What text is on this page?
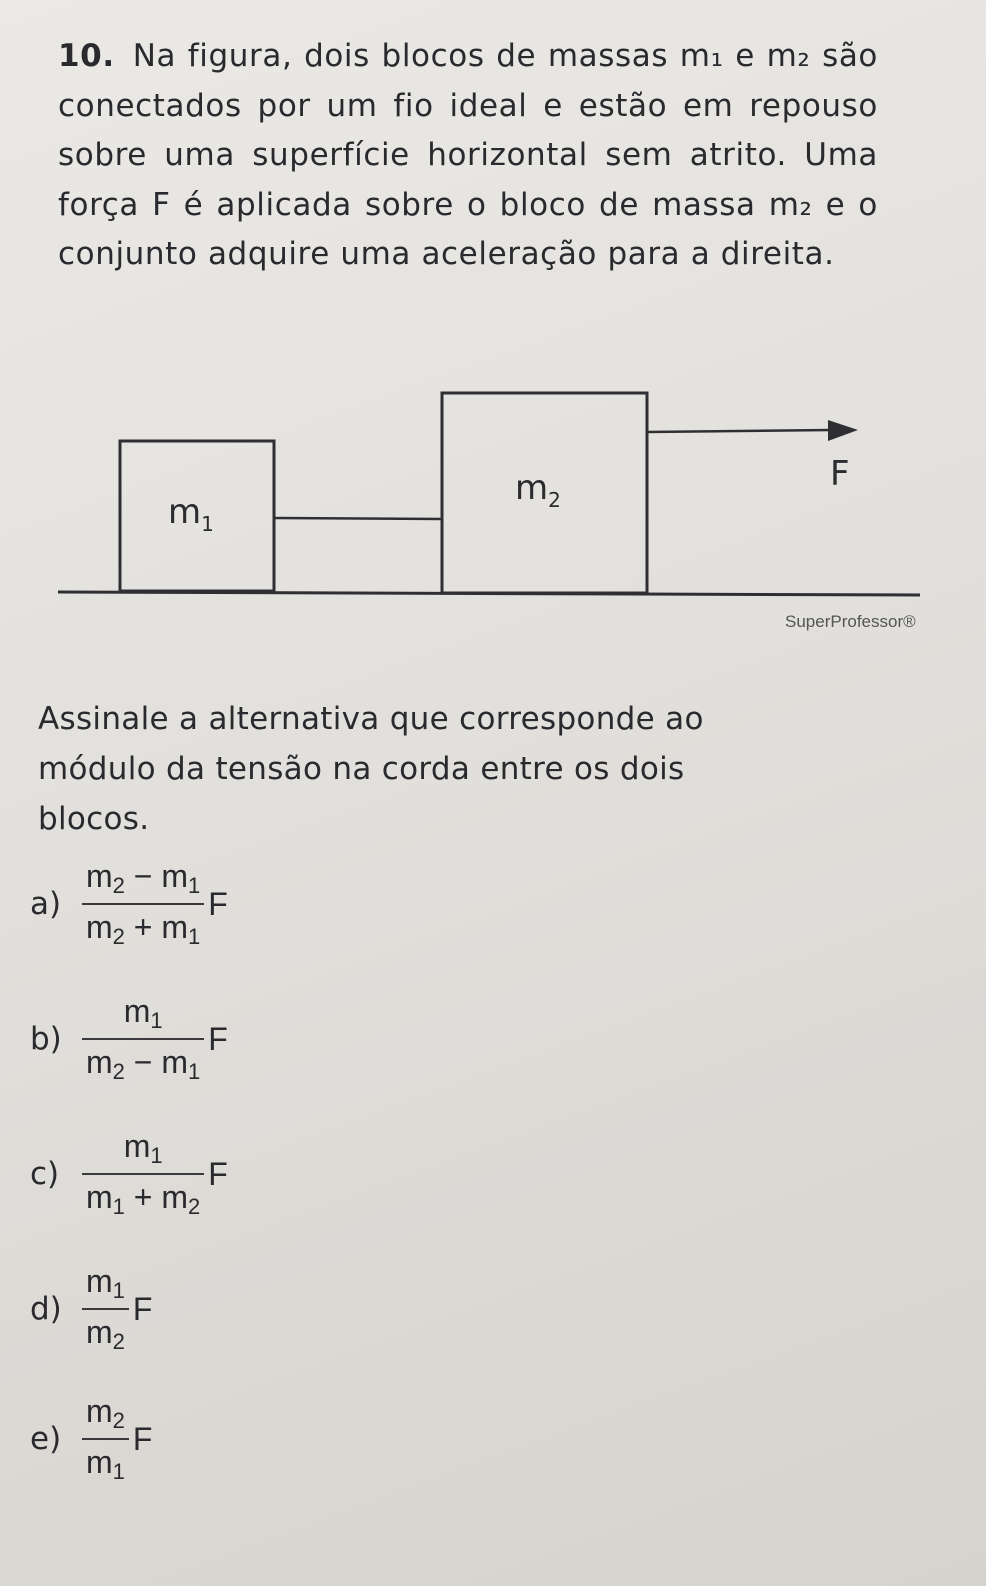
10. Na figura, dois blocos de massas m₁ e m₂ são conectados por um fio ideal e estão em repouso sobre uma superfície horizontal sem atrito. Uma força F é aplicada sobre o bloco de massa m₂ e o conjunto adquire uma aceleração para a direita.

$m_1$
$m_2$
F
SuperProfessor®

Assinale a alternativa que corresponde ao módulo da tensão na corda entre os dois blocos.

$a) \frac{m_2 - m_1}{m_2 + m_1}$ F
$b) \frac{m_1}{m_2 - m_1}$ F
$c) \frac{m_1}{m_1 + m_2}$ F
$d) \frac{m_1}{m_2}$ F
$e) \frac{m_2}{m_1}$ F
